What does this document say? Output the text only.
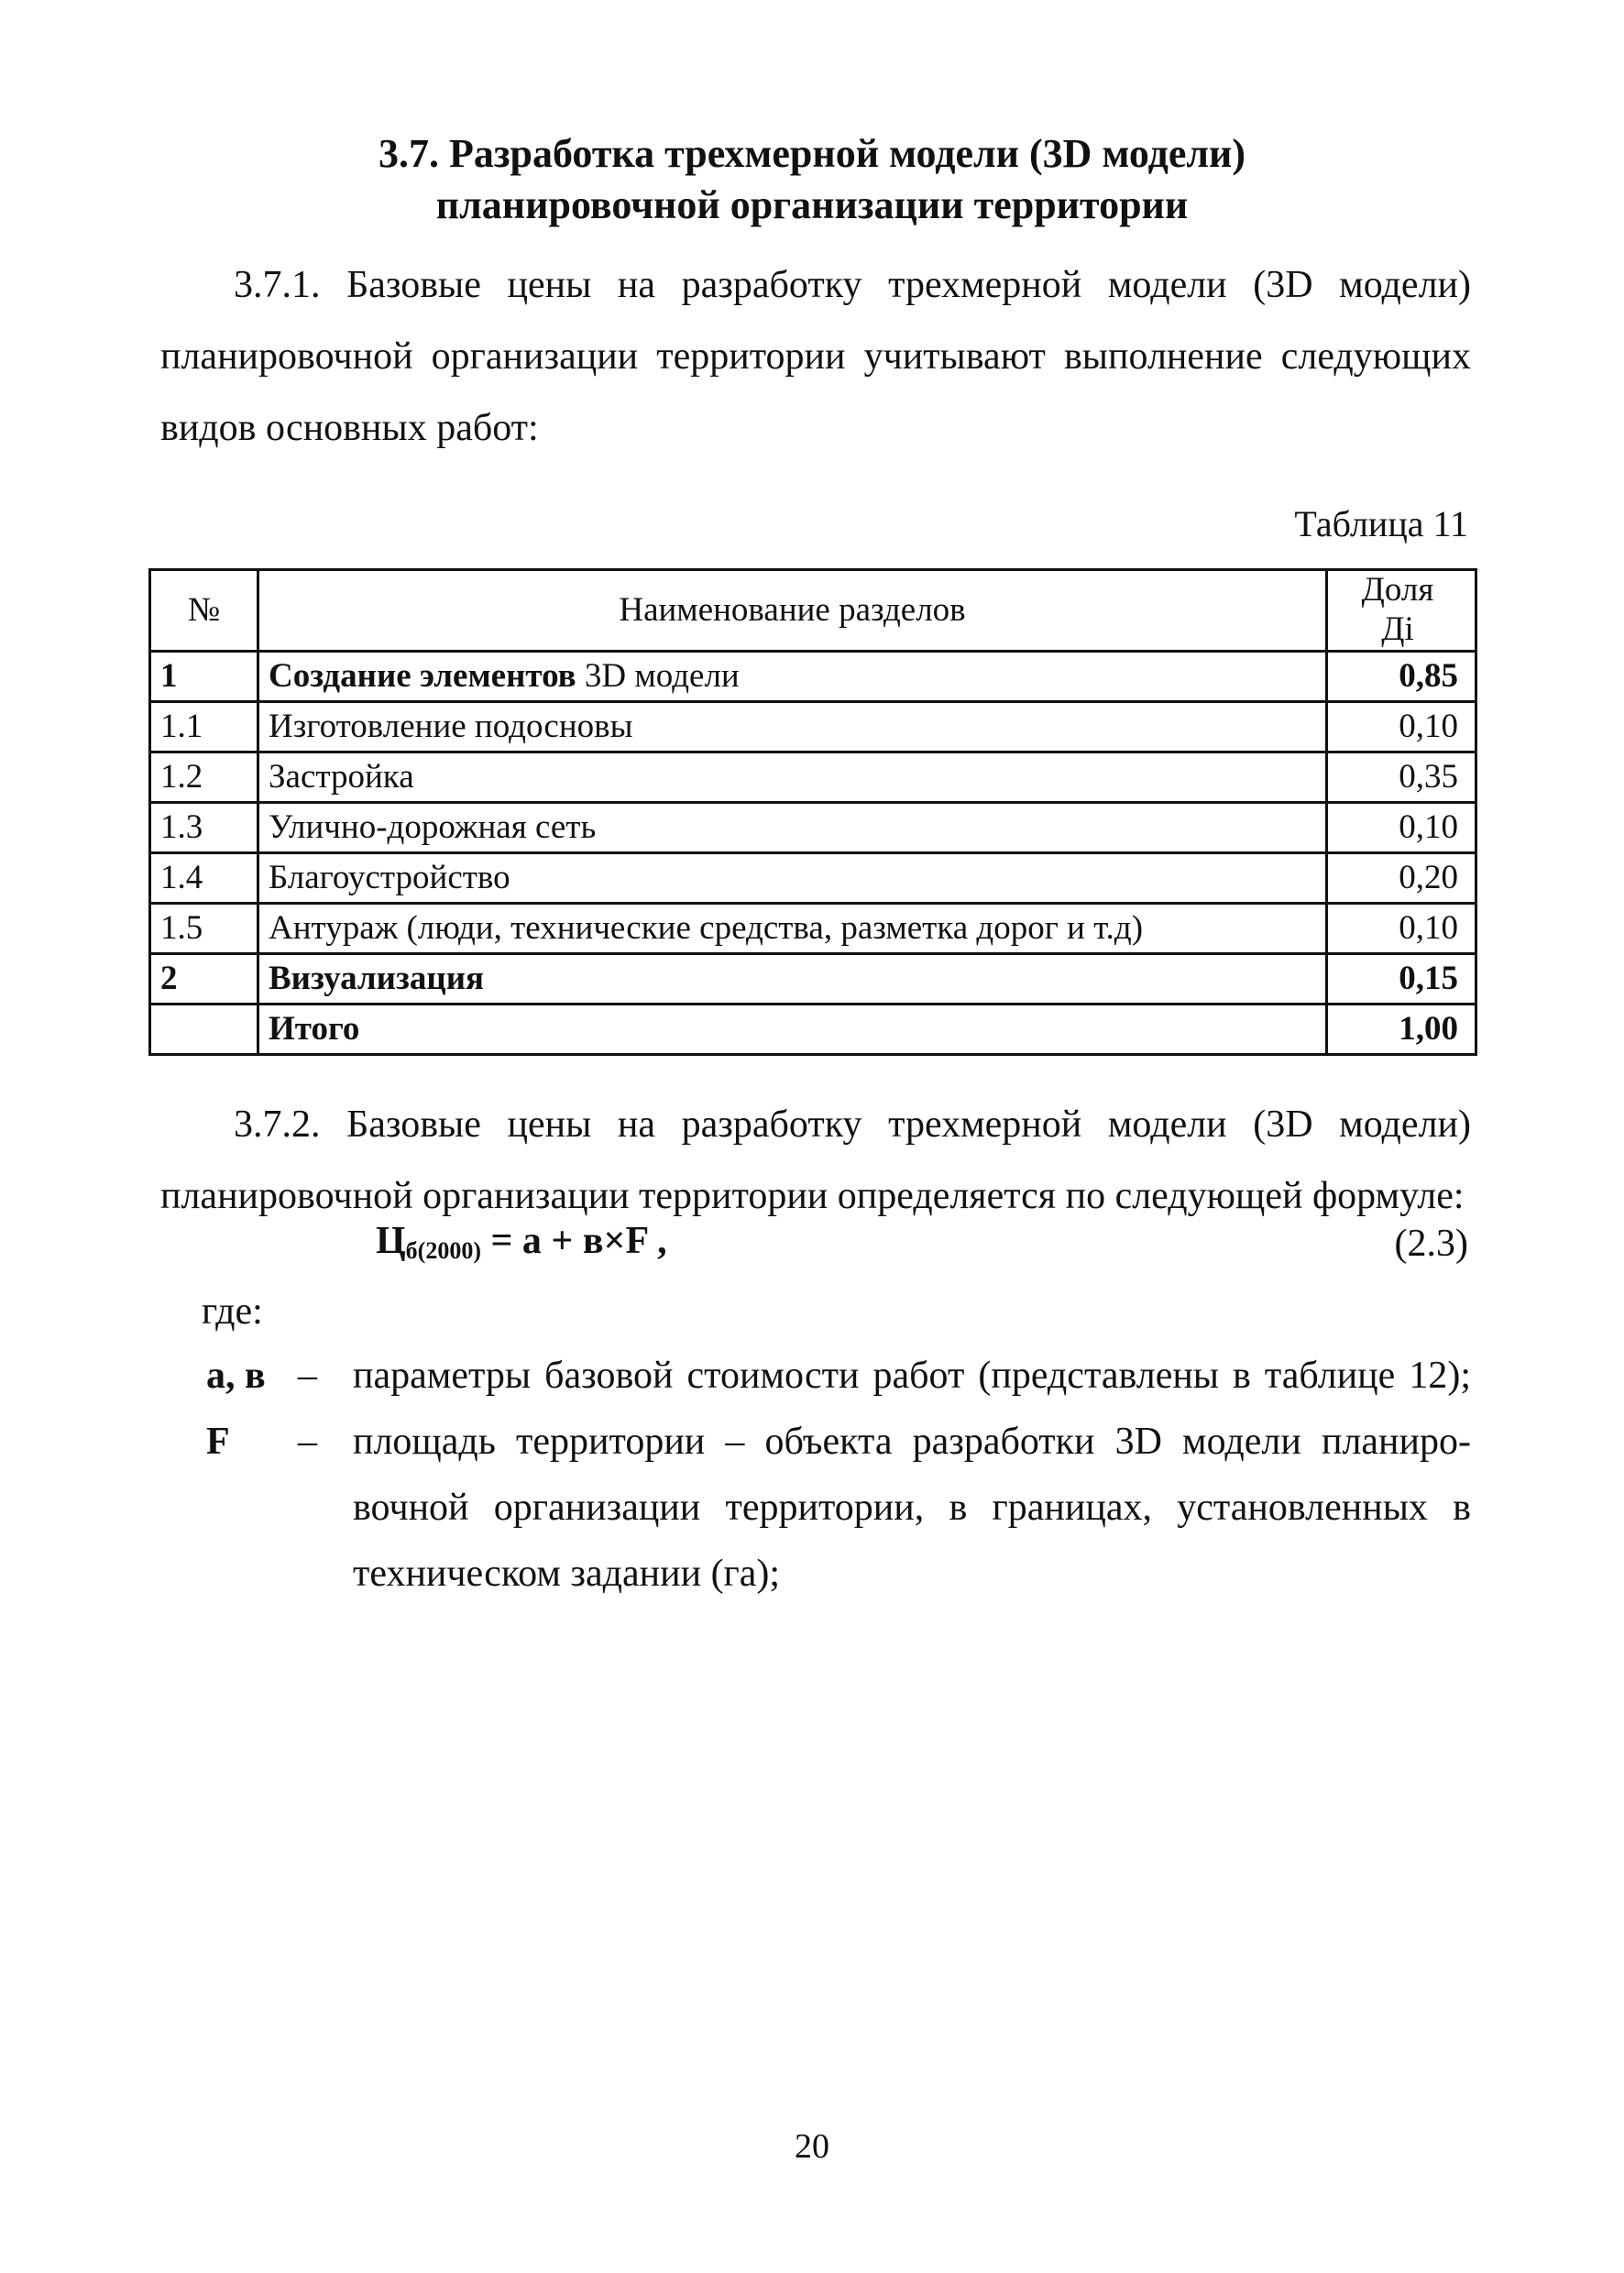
3.7. Разработка трехмерной модели (3D модели)
планировочной организации территории
3.7.1. Базовые цены на разработку трехмерной модели (3D модели)
планировочной организации территории учитывают выполнение следующих
видов основных работ:
Таблица 11
№	Наименование разделов	Доля
Дi
1	Создание элементов 3D модели	0,85
1.1	Изготовление подосновы	0,10
1.2	Застройка	0,35
1.3	Улично-дорожная сеть	0,10
1.4	Благоустройство	0,20
1.5	Антураж (люди, технические средства, разметка дорог и т.д)	0,10
2	Визуализация	0,15
	Итого	1,00
3.7.2. Базовые цены на разработку трехмерной модели (3D модели)
планировочной организации территории определяется по следующей формуле:
$Ц_{б(2000)} = а + в\times F$ ,	(2.3)
где:
а, в – параметры базовой стоимости работ (представлены в таблице 12);
F	– площадь территории – объекта разработки 3D модели планиро-
вочной организации территории, в границах, установленных в
техническом задании (га);
20
